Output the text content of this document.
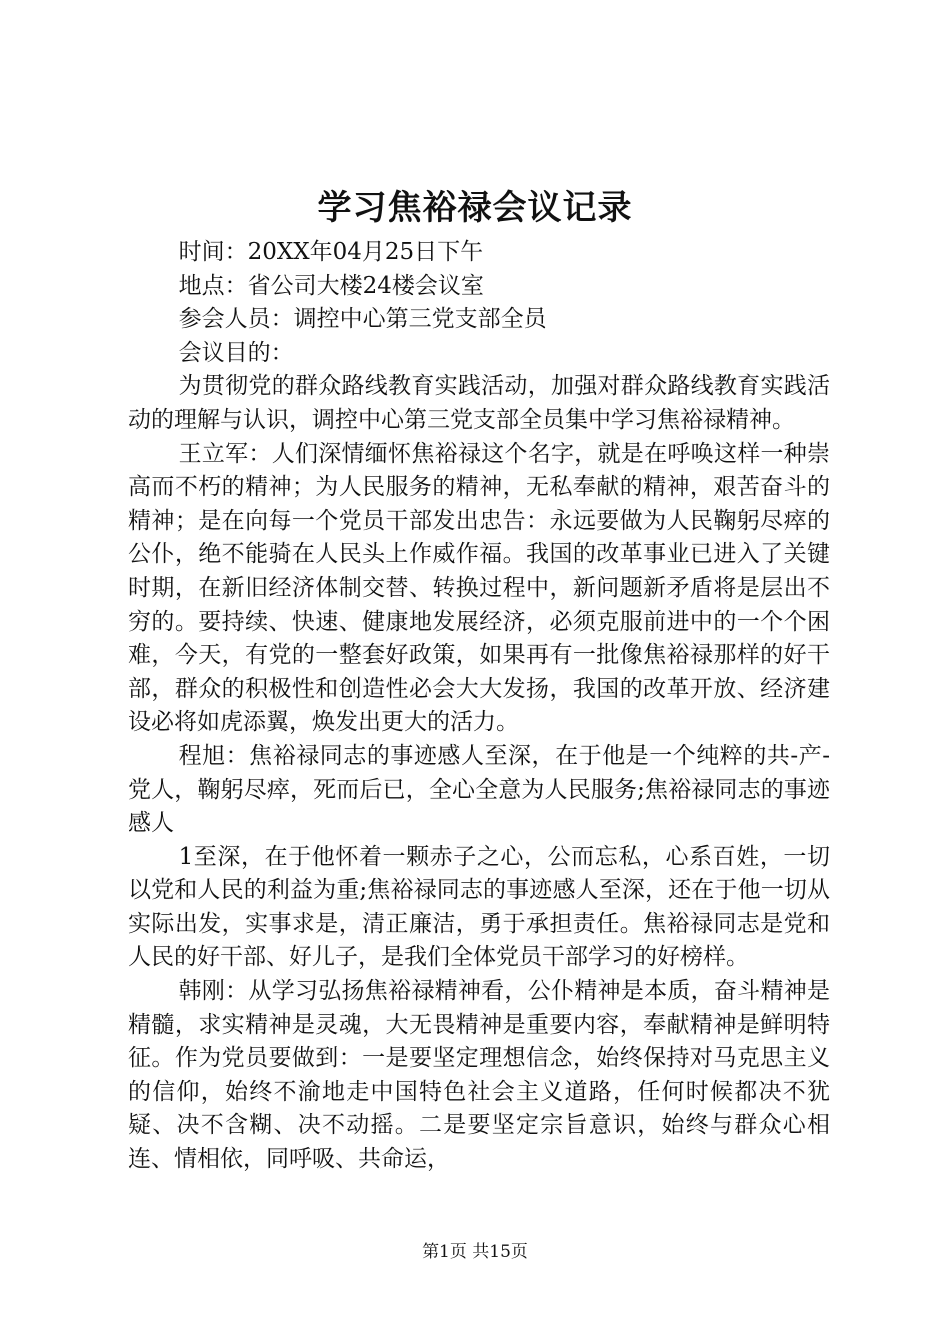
学习焦裕禄会议记录

时间：20XX年04月25日下午

地点：省公司大楼24楼会议室

参会人员：调控中心第三党支部全员

会议目的：

为贯彻党的群众路线教育实践活动，加强对群众路线教育实践活动的理解与认识，调控中心第三党支部全员集中学习焦裕禄精神。

王立军：人们深情缅怀焦裕禄这个名字，就是在呼唤这样一种崇高而不朽的精神；为人民服务的精神，无私奉献的精神，艰苦奋斗的精神；是在向每一个党员干部发出忠告：永远要做为人民鞠躬尽瘁的公仆，绝不能骑在人民头上作威作福。我国的改革事业已进入了关键时期，在新旧经济体制交替、转换过程中，新问题新矛盾将是层出不穷的。要持续、快速、健康地发展经济，必须克服前进中的一个个困难，今天，有党的一整套好政策，如果再有一批像焦裕禄那样的好干部，群众的积极性和创造性必会大大发扬，我国的改革开放、经济建设必将如虎添翼，焕发出更大的活力。

程旭：焦裕禄同志的事迹感人至深，在于他是一个纯粹的共-产-党人，鞠躬尽瘁，死而后已，全心全意为人民服务;焦裕禄同志的事迹感人

1至深，在于他怀着一颗赤子之心，公而忘私，心系百姓，一切以党和人民的利益为重;焦裕禄同志的事迹感人至深，还在于他一切从实际出发，实事求是，清正廉洁，勇于承担责任。焦裕禄同志是党和人民的好干部、好儿子，是我们全体党员干部学习的好榜样。

韩刚：从学习弘扬焦裕禄精神看，公仆精神是本质，奋斗精神是精髓，求实精神是灵魂，大无畏精神是重要内容，奉献精神是鲜明特征。作为党员要做到：一是要坚定理想信念，始终保持对马克思主义的信仰，始终不渝地走中国特色社会主义道路，任何时候都决不犹疑、决不含糊、决不动摇。二是要坚定宗旨意识，始终与群众心相连、情相依，同呼吸、共命运，

第1页 共15页
